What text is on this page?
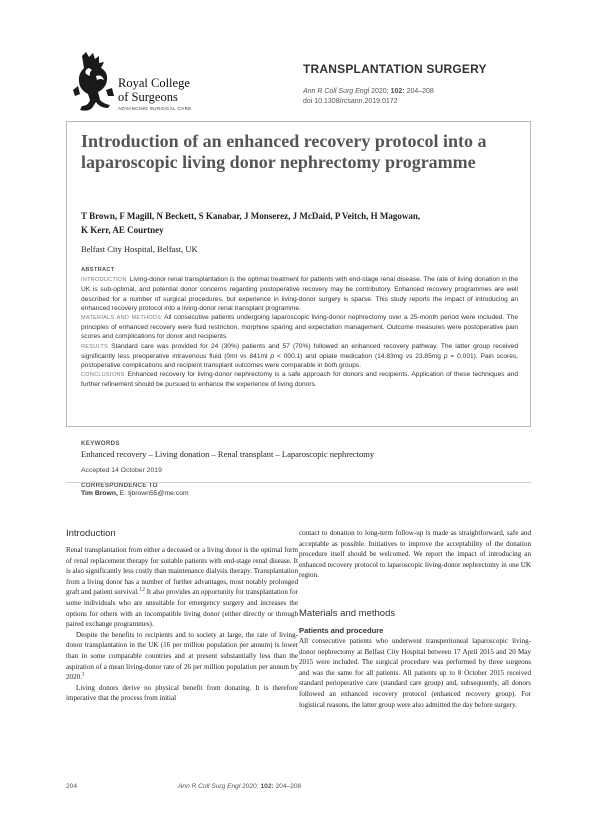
Royal College
of Surgeons
ADVANCING SURGICAL CARE
TRANSPLANTATION SURGERY
Ann R Coll Surg Engl 2020; 102: 204–208
doi 10.1308/rcsann.2019.0172
Introduction of an enhanced recovery protocol into a laparoscopic living donor nephrectomy programme
T Brown, F Magill, N Beckett, S Kanabar, J Monserez, J McDaid, P Veitch, H Magowan,
K Kerr, AE Courtney
Belfast City Hospital, Belfast, UK
ABSTRACT

INTRODUCTION Living-donor renal transplantation is the optimal treatment for patients with end-stage renal disease. The rate of living donation in the UK is sub-optimal, and potential donor concerns regarding postoperative recovery may be contributory. Enhanced recovery programmes are well described for a number of surgical procedures, but experience in living-donor surgery is sparse. This study reports the impact of introducing an enhanced recovery protocol into a living-donor renal transplant programme.

MATERIALS AND METHODS All consecutive patients undergoing laparoscopic living-donor nephrectomy over a 25-month period were included. The principles of enhanced recovery were fluid restriction, morphine sparing and expectation management. Outcome measures were postoperative pain scores and complications for donor and recipients.

RESULTS Standard care was provided for 24 (30%) patients and 57 (70%) followed an enhanced recovery pathway. The latter group received significantly less preoperative intravenous fluid (0ml vs 841ml p < 000.1) and opiate medication (14.83mg vs 23.85mg p = 0.001). Pain scores, postoperative complications and recipient transplant outcomes were comparable in both groups.

CONCLUSIONS Enhanced recovery for living-donor nephrectomy is a safe approach for donors and recipients. Application of these techniques and further refinement should be pursued to enhance the experience of living donors.

KEYWORDS
Enhanced recovery – Living donation – Renal transplant – Laparoscopic nephrectomy
Accepted 14 October 2019
CORRESPONDENCE TO
Tim Brown, E: tjbrown55@me.com
Introduction

Renal transplantation from either a deceased or a living donor is the optimal form of renal replacement therapy for suitable patients with end-stage renal disease. It is also significantly less costly than maintenance dialysis therapy. Transplantation from a living donor has a number of further advantages, most notably prolonged graft and patient survival.$^{1,2}$ It also provides an opportunity for transplantation for some individuals who are unsuitable for emergency surgery and increases the options for others with an incompatible living donor (either directly or through paired exchange programmes).

Despite the benefits to recipients and to society at large, the rate of living-donor transplantation in the UK (16 per million population per annum) is lower than in some comparable countries and at present substantially less than the aspiration of a mean living-donor rate of 26 per million population per annum by 2020.$^3$

Living donors derive no physical benefit from donating. It is therefore imperative that the process from initial

contact to donation to long-term follow-up is made as straightforward, safe and acceptable as possible. Initiatives to improve the acceptability of the donation procedure itself should be welcomed. We report the impact of introducing an enhanced recovery protocol to laparoscopic living-donor nephrectomy in one UK region.

Materials and methods
Patients and procedure

All consecutive patients who underwent transperitoneal laparoscopic living-donor nephrectomy at Belfast City Hospital between 17 April 2015 and 20 May 2015 were included. The surgical procedure was performed by three surgeons and was the same for all patients. All patients up to 8 October 2015 received standard perioperative care (standard care group) and, subsequently, all donors followed an enhanced recovery protocol (enhanced recovery group). For logistical reasons, the latter group were also admitted the day before surgery.

204	Ann R Coll Surg Engl 2020; 102: 204–208
